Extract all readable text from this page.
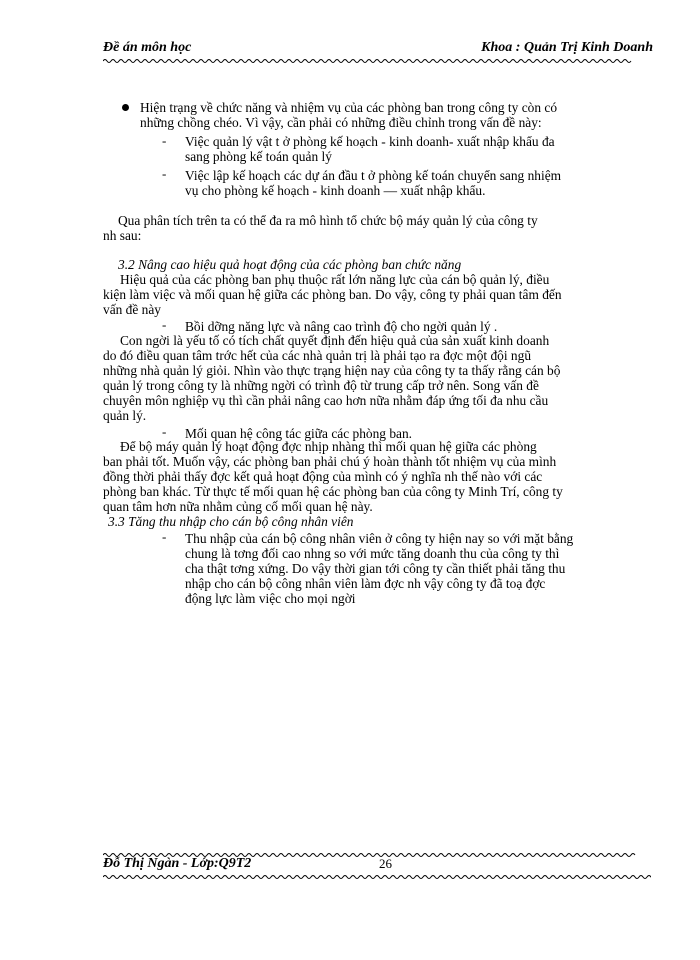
Đề án môn học	Khoa : Quản Trị Kinh Doanh
Hiện trạng về chức năng và nhiệm vụ của các phòng ban trong công ty còn có
những chồng chéo. Vì vậy, cần phải có những điều chỉnh trong vấn đề này:
- Việc quản lý vật t ở phòng kế hoạch - kinh doanh- xuất nhập khẩu đa
sang phòng kế toán quản lý
- Việc lập kế hoạch các dự án đầu t ở phòng kế toán chuyển sang nhiệm
vụ cho phòng kế hoạch - kinh doanh — xuất nhập khẩu.
Qua phân tích trên ta có thể đa ra mô hình tổ chức bộ máy quản lý của công ty
nh sau:
3.2 Nâng cao hiệu quả hoạt động của các phòng ban chức năng
Hiệu quả của các phòng ban phụ thuộc rất lớn năng lực của cán bộ quản lý, điều
kiện làm việc và mối quan hệ giữa các phòng ban. Do vậy, công ty phải quan tâm đến
vấn đề này
- Bồi dỡng năng lực và nâng cao trình độ cho ngời quản lý .
Con ngời là yếu tố có tích chất quyết định đến hiệu quả của sản xuất kinh doanh
do đó điều quan tâm trớc hết của các nhà quản trị là phải tạo ra đợc một đội ngũ
những nhà quản lý giỏi. Nhìn vào thực trạng hiện nay của công ty ta thấy rằng cán bộ
quản lý trong công ty là những ngời có trình độ từ trung cấp trở nên. Song vấn đề
chuyên môn nghiệp vụ thì cần phải nâng cao hơn nữa nhằm đáp ứng tối đa nhu cầu
quản lý.
- Mối quan hệ công tác giữa các phòng ban.
Để bộ máy quản lý hoạt động đợc nhịp nhàng thì mối quan hệ giữa các phòng
ban phải tốt. Muốn vậy, các phòng ban phải chú ý hoàn thành tốt nhiệm vụ của mình
đồng thời phải thấy đợc kết quả hoạt động của mình có ý nghĩa nh thế nào với các
phòng ban khác. Từ thực tế mối quan hệ các phòng ban của công ty Minh Trí, công ty
quan tâm hơn nữa nhằm củng cố mối quan hệ này.
3.3 Tăng thu nhập cho cán bộ công nhân viên
- Thu nhập của cán bộ công nhân viên ở công ty hiện nay so với mặt bằng
chung là tơng đối cao nhng so với mức tăng doanh thu của công ty thì
cha thật tơng xứng. Do vậy thời gian tới công ty cần thiết phải tăng thu
nhập cho cán bộ công nhân viên làm đợc nh vậy công ty đã toạ đợc
động lực làm việc cho mọi ngời
Đỗ Thị Ngàn - Lớp:Q9T2	26
